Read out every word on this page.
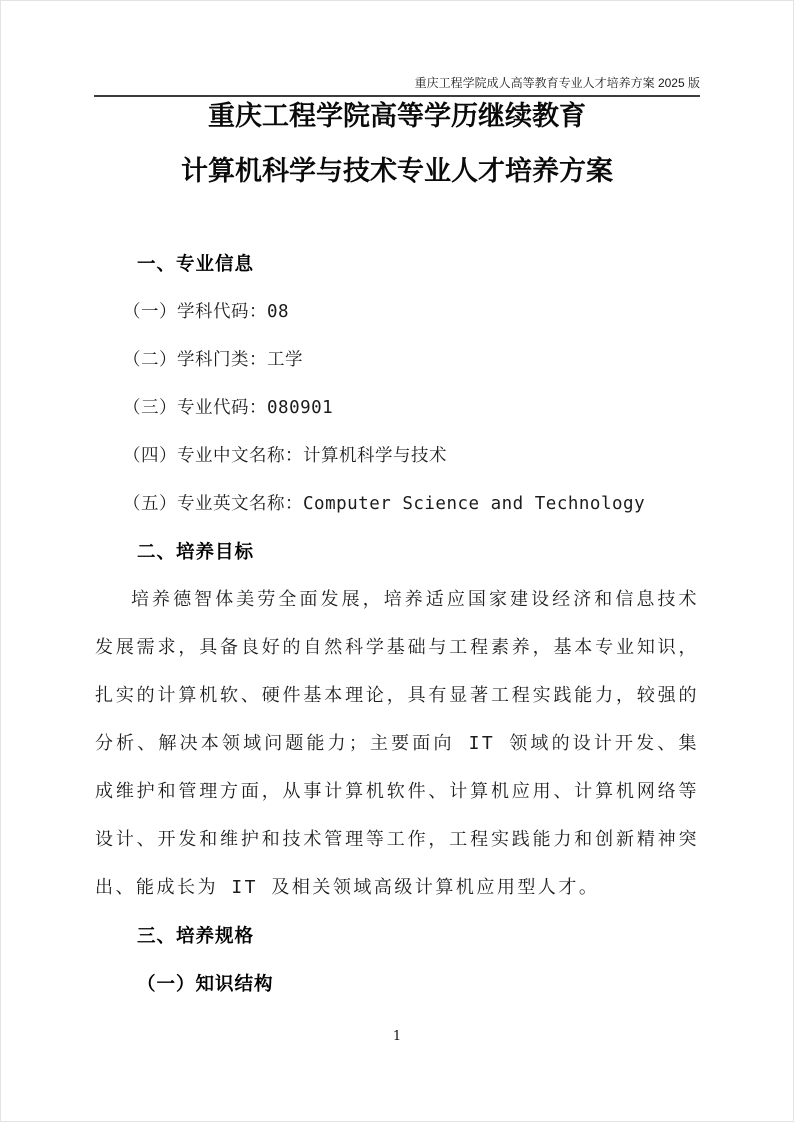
重庆工程学院成人高等教育专业人才培养方案 2025 版
重庆工程学院高等学历继续教育
计算机科学与技术专业人才培养方案
一、专业信息
（一）学科代码：08
（二）学科门类：工学
（三）专业代码：080901
（四）专业中文名称：计算机科学与技术
（五）专业英文名称：Computer Science and Technology
二、培养目标

培养德智体美劳全面发展，培养适应国家建设经济和信息技术发展需求，具备良好的自然科学基础与工程素养，基本专业知识，扎实的计算机软、硬件基本理论，具有显著工程实践能力，较强的分析、解决本领域问题能力；主要面向 IT 领域的设计开发、集成维护和管理方面，从事计算机软件、计算机应用、计算机网络等设计、开发和维护和技术管理等工作，工程实践能力和创新精神突出、能成长为 IT 及相关领域高级计算机应用型人才。

三、培养规格
（一）知识结构
1
